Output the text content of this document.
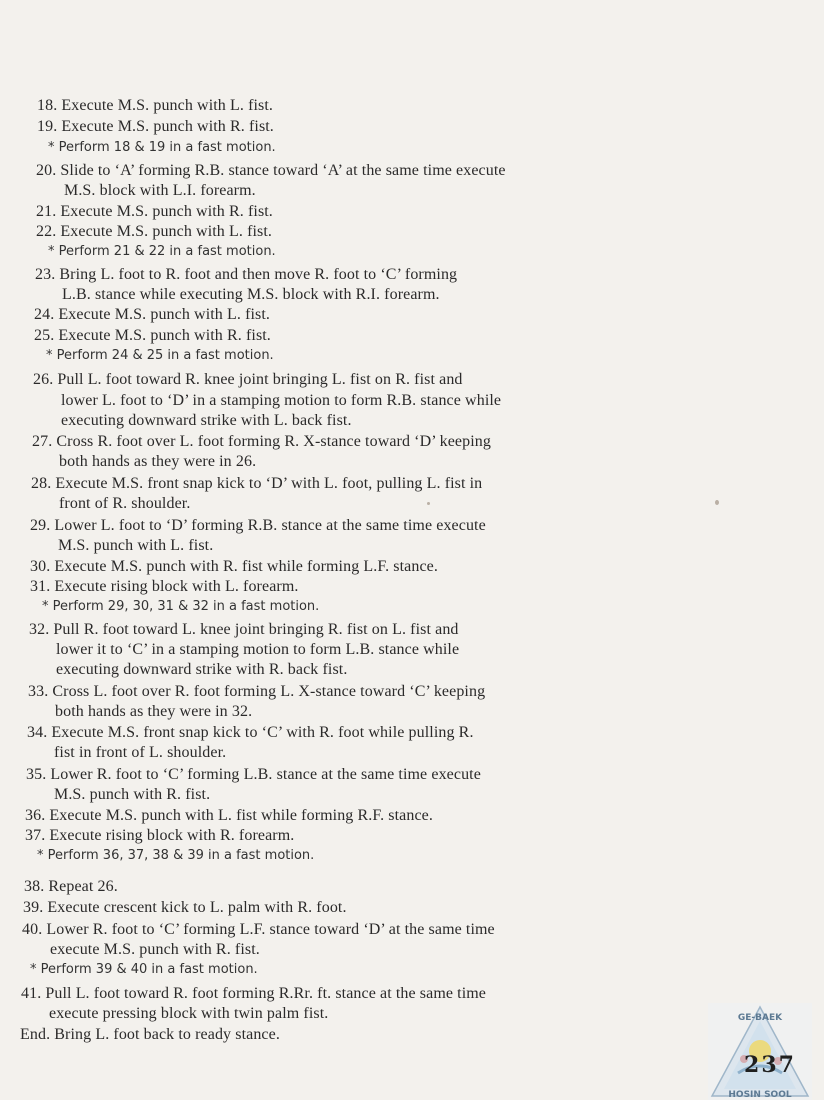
18. Execute M.S. punch with L. fist.
19. Execute M.S. punch with R. fist.
* Perform 18 & 19 in a fast motion.
20. Slide to ‘A’ forming R.B. stance toward ‘A’ at the same time execute
M.S. block with L.I. forearm.
21. Execute M.S. punch with R. fist.
22. Execute M.S. punch with L. fist.
* Perform 21 & 22 in a fast motion.
23. Bring L. foot to R. foot and then move R. foot to ‘C’ forming
L.B. stance while executing M.S. block with R.I. forearm.
24. Execute M.S. punch with L. fist.
25. Execute M.S. punch with R. fist.
* Perform 24 & 25 in a fast motion.
26. Pull L. foot toward R. knee joint bringing L. fist on R. fist and
lower L. foot to ‘D’ in a stamping motion to form R.B. stance while
executing downward strike with L. back fist.
27. Cross R. foot over L. foot forming R. X-stance toward ‘D’ keeping
both hands as they were in 26.
28. Execute M.S. front snap kick to ‘D’ with L. foot, pulling L. fist in
front of R. shoulder.
29. Lower L. foot to ‘D’ forming R.B. stance at the same time execute
M.S. punch with L. fist.
30. Execute M.S. punch with R. fist while forming L.F. stance.
31. Execute rising block with L. forearm.
* Perform 29, 30, 31 & 32 in a fast motion.
32. Pull R. foot toward L. knee joint bringing R. fist on L. fist and
lower it to ‘C’ in a stamping motion to form L.B. stance while
executing downward strike with R. back fist.
33. Cross L. foot over R. foot forming L. X-stance toward ‘C’ keeping
both hands as they were in 32.
34. Execute M.S. front snap kick to ‘C’ with R. foot while pulling R.
fist in front of L. shoulder.
35. Lower R. foot to ‘C’ forming L.B. stance at the same time execute
M.S. punch with R. fist.
36. Execute M.S. punch with L. fist while forming R.F. stance.
37. Execute rising block with R. forearm.
* Perform 36, 37, 38 & 39 in a fast motion.
38. Repeat 26.
39. Execute crescent kick to L. palm with R. foot.
40. Lower R. foot to ‘C’ forming L.F. stance toward ‘D’ at the same time
execute M.S. punch with R. fist.
* Perform 39 & 40 in a fast motion.
41. Pull L. foot toward R. foot forming R.Rr. ft. stance at the same time
execute pressing block with twin palm fist.
End. Bring L. foot back to ready stance.
GE-BAEK
HOSIN SOOL
237
